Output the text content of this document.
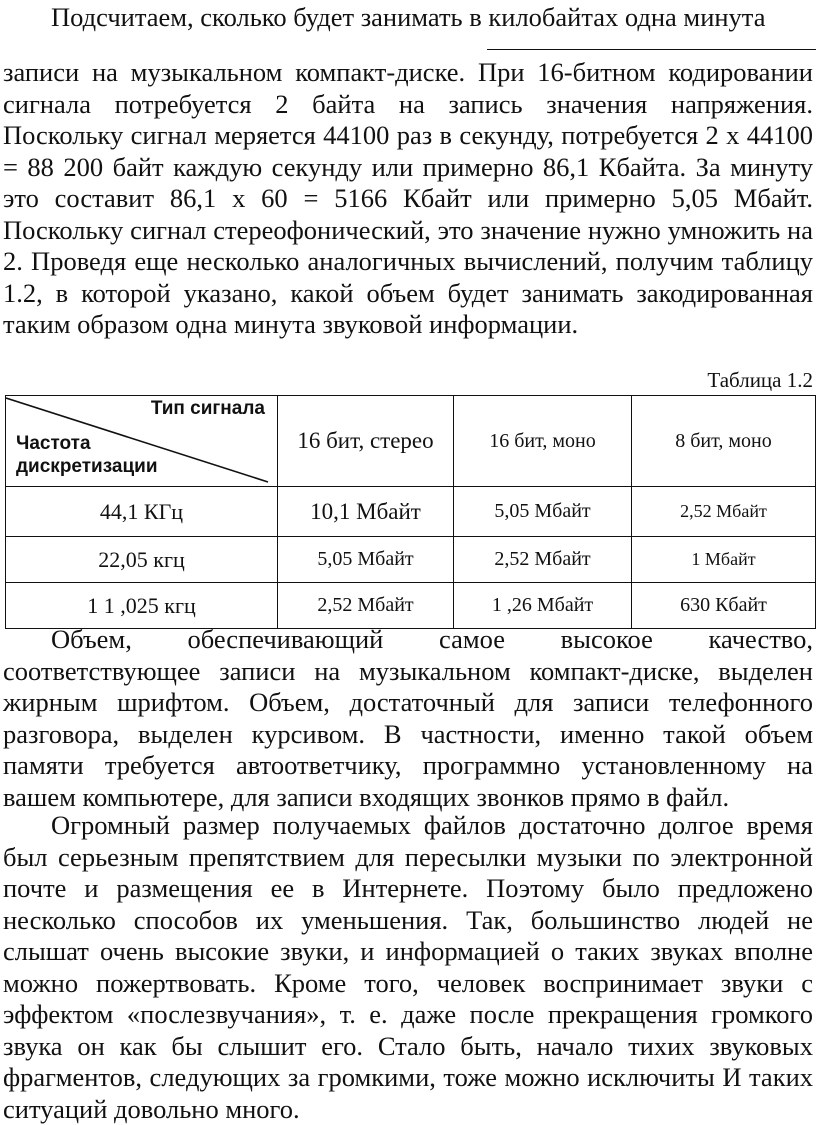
Подсчитаем, сколько будет занимать в килобайтах одна минута

записи на музыкальном компакт-диске. При 16-битном кодировании сигнала потребуется 2 байта на запись значения напряжения. Поскольку сигнал меряется 44100 раз в секунду, потребуется 2 х 44100 = 88 200 байт каждую секунду или примерно 86,1 Кбайта. За минуту это составит 86,1 х 60 = 5166 Кбайт или примерно 5,05 Мбайт. Поскольку сигнал стереофонический, это значение нужно умножить на 2. Проведя еще несколько аналогичных вычислений, получим таблицу 1.2, в которой указано, какой объем будет занимать закодированная таким образом одна минута звуковой информации.

Таблица 1.2
Тип сигнала
Частота
дискретизации	16 бит, стерео	16 бит, моно	8 бит, моно
44,1 КГц	10,1 Мбайт	5,05 Мбайт	2,52 Мбайт
22,05 кгц	5,05 Мбайт	2,52 Мбайт	1 Мбайт
1 1 ,025 кгц	2,52 Мбайт	1 ,26 Мбайт	630 Кбайт

Объем, обеспечивающий самое высокое качество, соответствующее записи на музыкальном компакт-диске, выделен жирным шрифтом. Объем, достаточный для записи телефонного разговора, выделен курсивом. В частности, именно такой объем памяти требуется автоответчику, программно установленному на вашем компьютере, для записи входящих звонков прямо в файл.

Огромный размер получаемых файлов достаточно долгое время был серьезным препятствием для пересылки музыки по электронной почте и размещения ее в Интернете. Поэтому было предложено несколько способов их уменьшения. Так, большинство людей не слышат очень высокие звуки, и информацией о таких звуках вполне можно пожертвовать. Кроме того, человек воспринимает звуки с эффектом «послезвучания», т. е. даже после прекращения громкого звука он как бы слышит его. Стало быть, начало тихих звуковых фрагментов, следующих за громкими, тоже можно исключиты И таких ситуаций довольно много.
